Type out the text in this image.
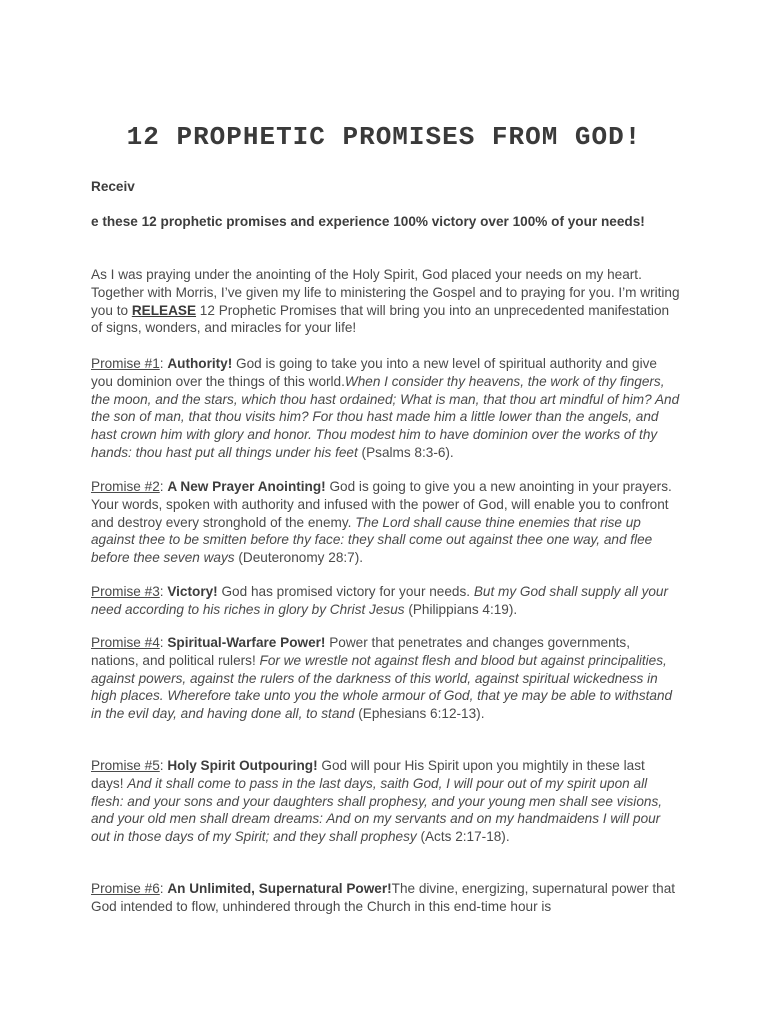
12 PROPHETIC PROMISES FROM GOD!

Receiv

e these 12 prophetic promises and experience 100% victory over 100% of your needs!

As I was praying under the anointing of the Holy Spirit, God placed your needs on my heart. Together with Morris, I’ve given my life to ministering the Gospel and to praying for you. I’m writing you to RELEASE 12 Prophetic Promises that will bring you into an unprecedented manifestation of signs, wonders, and miracles for your life!

Promise #1: Authority! God is going to take you into a new level of spiritual authority and give you dominion over the things of this world.When I consider thy heavens, the work of thy fingers, the moon, and the stars, which thou hast ordained; What is man, that thou art mindful of him? And the son of man, that thou visits him? For thou hast made him a little lower than the angels, and hast crown him with glory and honor. Thou modest him to have dominion over the works of thy hands: thou hast put all things under his feet (Psalms 8:3-6).

Promise #2: A New Prayer Anointing! God is going to give you a new anointing in your prayers. Your words, spoken with authority and infused with the power of God, will enable you to confront and destroy every stronghold of the enemy. The Lord shall cause thine enemies that rise up against thee to be smitten before thy face: they shall come out against thee one way, and flee before thee seven ways (Deuteronomy 28:7).

Promise #3: Victory! God has promised victory for your needs. But my God shall supply all your need according to his riches in glory by Christ Jesus (Philippians 4:19).

Promise #4: Spiritual-Warfare Power! Power that penetrates and changes governments, nations, and political rulers! For we wrestle not against flesh and blood but against principalities, against powers, against the rulers of the darkness of this world, against spiritual wickedness in high places. Wherefore take unto you the whole armour of God, that ye may be able to withstand in the evil day, and having done all, to stand (Ephesians 6:12-13).

Promise #5: Holy Spirit Outpouring! God will pour His Spirit upon you mightily in these last days! And it shall come to pass in the last days, saith God, I will pour out of my spirit upon all flesh: and your sons and your daughters shall prophesy, and your young men shall see visions, and your old men shall dream dreams: And on my servants and on my handmaidens I will pour out in those days of my Spirit; and they shall prophesy (Acts 2:17-18).

Promise #6: An Unlimited, Supernatural Power!The divine, energizing, supernatural power that God intended to flow, unhindered through the Church in this end-time hour is
